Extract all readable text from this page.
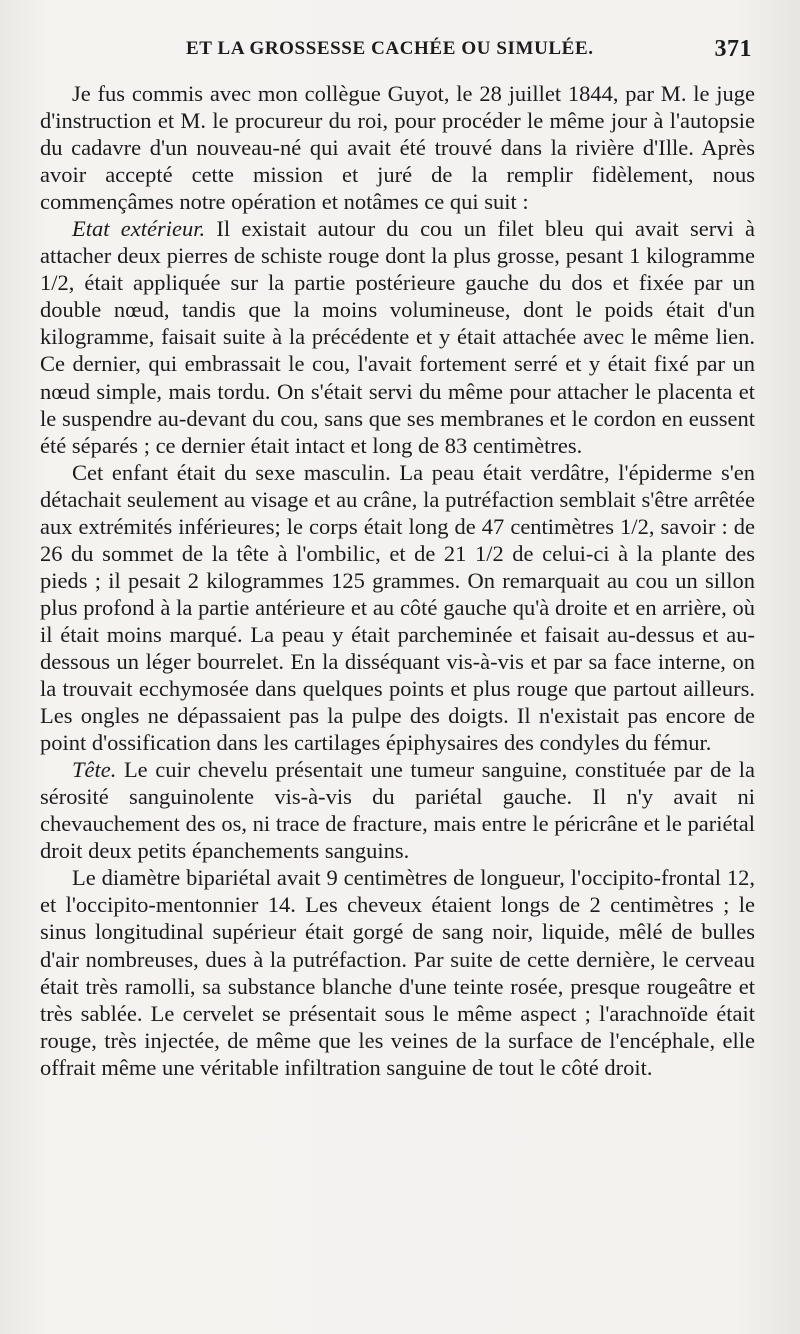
ET LA GROSSESSE CACHÉE OU SIMULÉE.	371

Je fus commis avec mon collègue Guyot, le 28 juillet 1844, par M. le juge d'instruction et M. le procureur du roi, pour procéder le même jour à l'autopsie du cadavre d'un nouveau-né qui avait été trouvé dans la rivière d'Ille. Après avoir accepté cette mission et juré de la remplir fidèlement, nous commençâmes notre opération et notâmes ce qui suit :

Etat extérieur. Il existait autour du cou un filet bleu qui avait servi à attacher deux pierres de schiste rouge dont la plus grosse, pesant 1 kilogramme 1/2, était appliquée sur la partie postérieure gauche du dos et fixée par un double nœud, tandis que la moins volumineuse, dont le poids était d'un kilogramme, faisait suite à la précédente et y était attachée avec le même lien. Ce dernier, qui embrassait le cou, l'avait fortement serré et y était fixé par un nœud simple, mais tordu. On s'était servi du même pour attacher le placenta et le suspendre au-devant du cou, sans que ses membranes et le cordon en eussent été séparés ; ce dernier était intact et long de 83 centimètres.

Cet enfant était du sexe masculin. La peau était verdâtre, l'épiderme s'en détachait seulement au visage et au crâne, la putréfaction semblait s'être arrêtée aux extrémités inférieures; le corps était long de 47 centimètres 1/2, savoir : de 26 du sommet de la tête à l'ombilic, et de 21 1/2 de celui-ci à la plante des pieds ; il pesait 2 kilogrammes 125 grammes. On remarquait au cou un sillon plus profond à la partie antérieure et au côté gauche qu'à droite et en arrière, où il était moins marqué. La peau y était parcheminée et faisait au-dessus et au-dessous un léger bourrelet. En la disséquant vis-à-vis et par sa face interne, on la trouvait ecchymosée dans quelques points et plus rouge que partout ailleurs. Les ongles ne dépassaient pas la pulpe des doigts. Il n'existait pas encore de point d'ossification dans les cartilages épiphysaires des condyles du fémur.

Tête. Le cuir chevelu présentait une tumeur sanguine, constituée par de la sérosité sanguinolente vis-à-vis du pariétal gauche. Il n'y avait ni chevauchement des os, ni trace de fracture, mais entre le péricrâne et le pariétal droit deux petits épanchements sanguins.

Le diamètre bipariétal avait 9 centimètres de longueur, l'occipito-frontal 12, et l'occipito-mentonnier 14. Les cheveux étaient longs de 2 centimètres ; le sinus longitudinal supérieur était gorgé de sang noir, liquide, mêlé de bulles d'air nombreuses, dues à la putréfaction. Par suite de cette dernière, le cerveau était très ramolli, sa substance blanche d'une teinte rosée, presque rougeâtre et très sablée. Le cervelet se présentait sous le même aspect ; l'arachnoïde était rouge, très injectée, de même que les veines de la surface de l'encéphale, elle offrait même une véritable infiltration sanguine de tout le côté droit.
